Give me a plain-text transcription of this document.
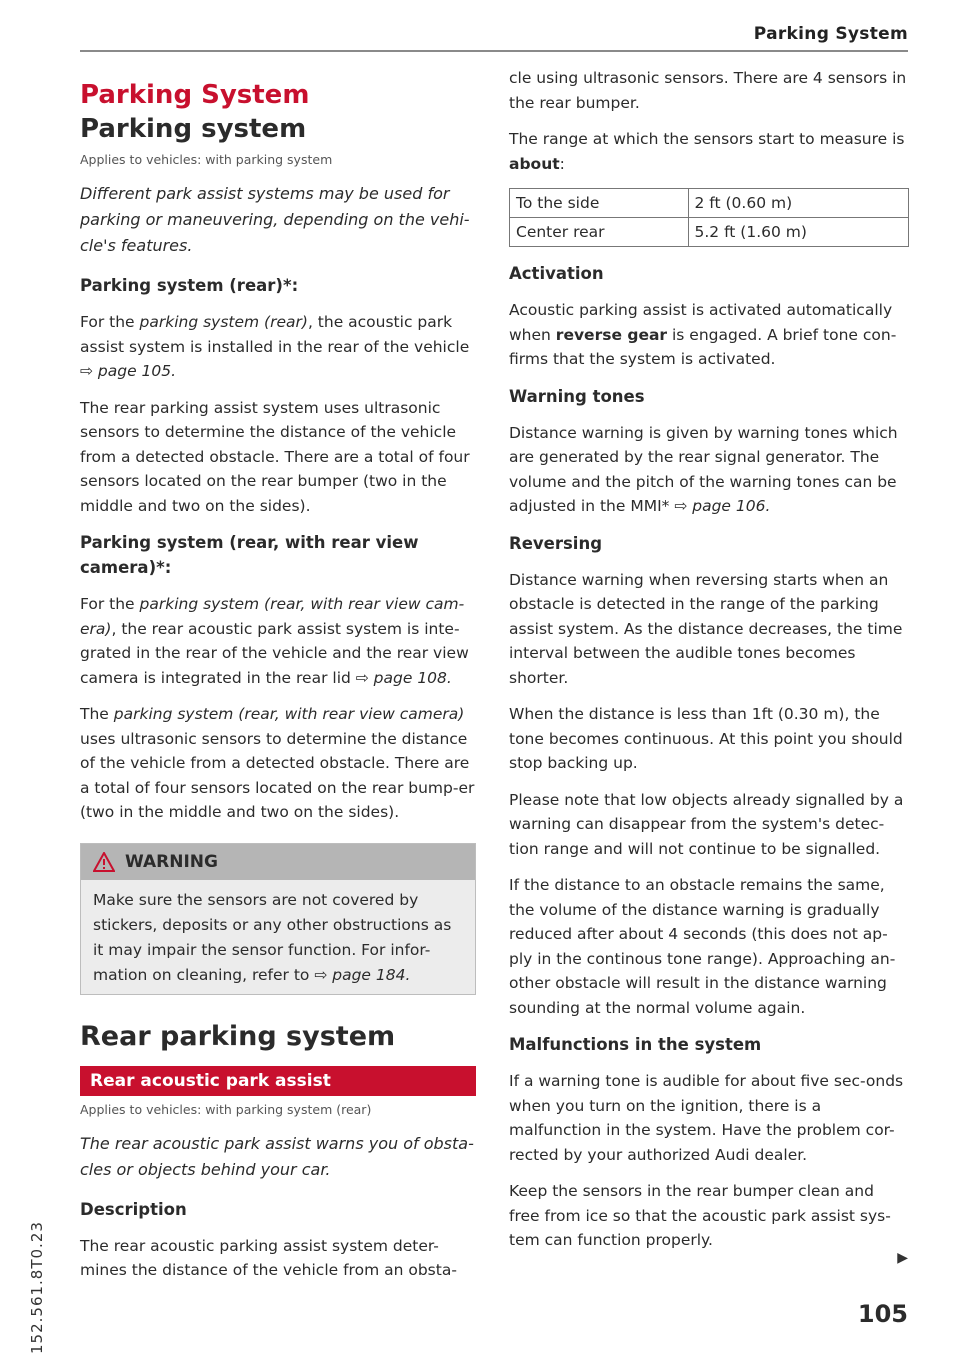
Parking System
152.561.8T0.23
Parking System
Parking system
Applies to vehicles: with parking system
Different park assist systems may be used for parking or maneuvering, depending on the vehi-cle's features.
Parking system (rear)*:

For the parking system (rear), the acoustic park assist system is installed in the rear of the vehicle ⇨ page 105.

The rear parking assist system uses ultrasonic sensors to determine the distance of the vehicle from a detected obstacle. There are a total of four sensors located on the rear bumper (two in the middle and two on the sides).

Parking system (rear, with rear view camera)*:

For the parking system (rear, with rear view cam-era), the rear acoustic park assist system is inte-grated in the rear of the vehicle and the rear view camera is integrated in the rear lid ⇨ page 108.

The parking system (rear, with rear view camera) uses ultrasonic sensors to determine the distance of the vehicle from a detected obstacle. There are a total of four sensors located on the rear bump-er (two in the middle and two on the sides).

WARNING
Make sure the sensors are not covered by stickers, deposits or any other obstructions as it may impair the sensor function. For infor-mation on cleaning, refer to ⇨ page 184.
Rear parking system
Rear acoustic park assist
Applies to vehicles: with parking system (rear)
The rear acoustic park assist warns you of obsta-cles or objects behind your car.
Description

The rear acoustic parking assist system deter-mines the distance of the vehicle from an obsta-

cle using ultrasonic sensors. There are 4 sensors in the rear bumper.

The range at which the sensors start to measure is about:

To the side	2 ft (0.60 m)
Center rear	5.2 ft (1.60 m)
Activation

Acoustic parking assist is activated automatically when reverse gear is engaged. A brief tone con-firms that the system is activated.

Warning tones

Distance warning is given by warning tones which are generated by the rear signal generator. The volume and the pitch of the warning tones can be adjusted in the MMI* ⇨ page 106.

Reversing

Distance warning when reversing starts when an obstacle is detected in the range of the parking assist system. As the distance decreases, the time interval between the audible tones becomes shorter.

When the distance is less than 1ft (0.30 m), the tone becomes continuous. At this point you should stop backing up.

Please note that low objects already signalled by a warning can disappear from the system's detec-tion range and will not continue to be signalled.

If the distance to an obstacle remains the same, the volume of the distance warning is gradually reduced after about 4 seconds (this does not ap-ply in the continous tone range). Approaching an-other obstacle will result in the distance warning sounding at the normal volume again.

Malfunctions in the system

If a warning tone is audible for about five sec-onds when you turn on the ignition, there is a malfunction in the system. Have the problem cor-rected by your authorized Audi dealer.

Keep the sensors in the rear bumper clean and free from ice so that the acoustic park assist sys-tem can function properly.

▶
105
